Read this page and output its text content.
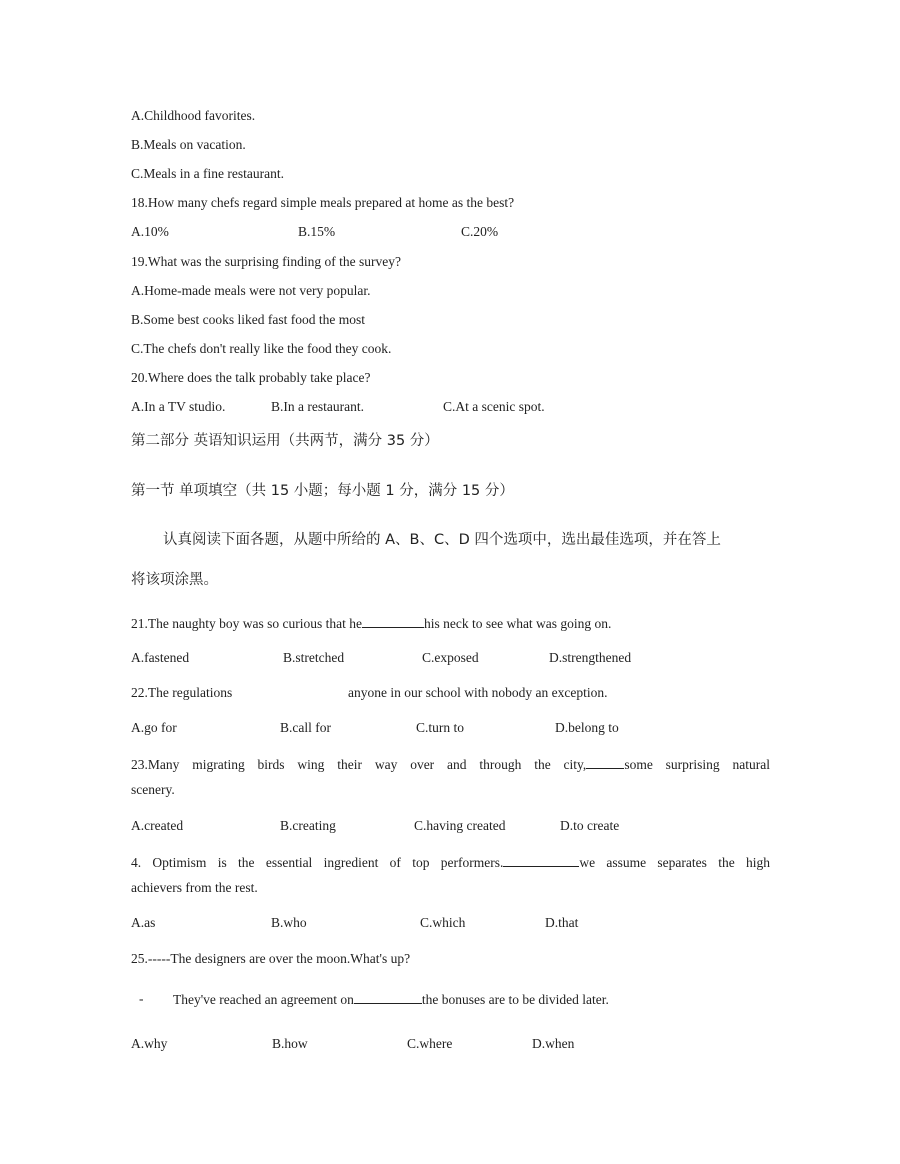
A.Childhood favorites.
B.Meals on vacation.
C.Meals in a fine restaurant.
18.How many chefs regard simple meals prepared at home as the best?
A.10%	B.15%	C.20%
19.What was the surprising finding of the survey?
A.Home-made meals were not very popular.
B.Some best cooks liked fast food the most
C.The chefs don't really like the food they cook.
20.Where does the talk probably take place?
A.In a TV studio.	B.In a restaurant.	C.At a scenic spot.
第二部分 英语知识运用（共两节，满分 35 分）
第一节 单项填空（共 15 小题；每小题 1 分，满分 15 分）
认真阅读下面各题，从题中所给的 A、B、C、D 四个选项中，选出最佳选项，并在答上
将该项涂黑。
21.The naughty boy was so curious that he	his neck to see what was going on.
A.fastened	B.stretched	C.exposed	D.strengthened
22.The regulations	anyone in our school with nobody an exception.
A.go for	B.call for	C.turn to	D.belong to
23.Many migrating birds wing their way over and through the city,	some surprising natural
scenery.
A.created	B.creating	C.having created	D.to create
4. Optimism is the essential ingredient of top performers.	we assume separates the high
achievers from the rest.
A.as	B.who	C.which	D.that
25.-----The designers are over the moon.What's up?
- They've reached an agreement on	the bonuses are to be divided later.
A.why	B.how	C.where	D.when
